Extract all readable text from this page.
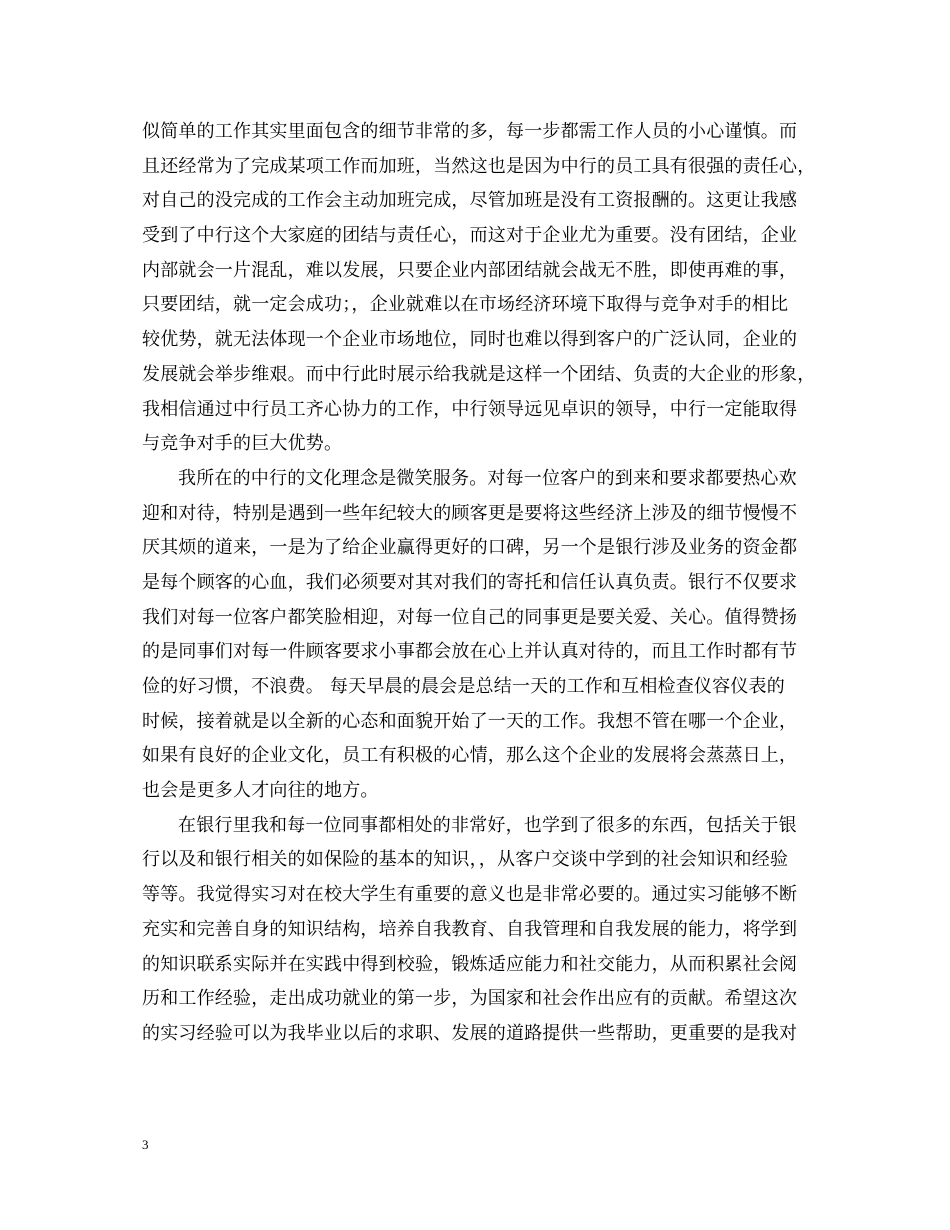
似简单的工作其实里面包含的细节非常的多，每一步都需工作人员的小心谨慎。而
且还经常为了完成某项工作而加班，当然这也是因为中行的员工具有很强的责任心，
对自己的没完成的工作会主动加班完成，尽管加班是没有工资报酬的。这更让我感
受到了中行这个大家庭的团结与责任心，而这对于企业尤为重要。没有团结，企业
内部就会一片混乱，难以发展，只要企业内部团结就会战无不胜，即使再难的事，
只要团结，就一定会成功；，企业就难以在市场经济环境下取得与竞争对手的相比
较优势，就无法体现一个企业市场地位，同时也难以得到客户的广泛认同，企业的
发展就会举步维艰。而中行此时展示给我就是这样一个团结、负责的大企业的形象，
我相信通过中行员工齐心协力的工作，中行领导远见卓识的领导，中行一定能取得
与竞争对手的巨大优势。
我所在的中行的文化理念是微笑服务。对每一位客户的到来和要求都要热心欢
迎和对待，特别是遇到一些年纪较大的顾客更是要将这些经济上涉及的细节慢慢不
厌其烦的道来，一是为了给企业赢得更好的口碑，另一个是银行涉及业务的资金都
是每个顾客的心血，我们必须要对其对我们的寄托和信任认真负责。银行不仅要求
我们对每一位客户都笑脸相迎，对每一位自己的同事更是要关爱、关心。值得赞扬
的是同事们对每一件顾客要求小事都会放在心上并认真对待的，而且工作时都有节
俭的好习惯，不浪费。 每天早晨的晨会是总结一天的工作和互相检查仪容仪表的
时候，接着就是以全新的心态和面貌开始了一天的工作。我想不管在哪一个企业，
如果有良好的企业文化，员工有积极的心情，那么这个企业的发展将会蒸蒸日上，
也会是更多人才向往的地方。
在银行里我和每一位同事都相处的非常好，也学到了很多的东西，包括关于银
行以及和银行相关的如保险的基本的知识，，从客户交谈中学到的社会知识和经验
等等。我觉得实习对在校大学生有重要的意义也是非常必要的。通过实习能够不断
充实和完善自身的知识结构，培养自我教育、自我管理和自我发展的能力，将学到
的知识联系实际并在实践中得到校验，锻炼适应能力和社交能力，从而积累社会阅
历和工作经验，走出成功就业的第一步，为国家和社会作出应有的贡献。希望这次
的实习经验可以为我毕业以后的求职、发展的道路提供一些帮助，更重要的是我对
3
